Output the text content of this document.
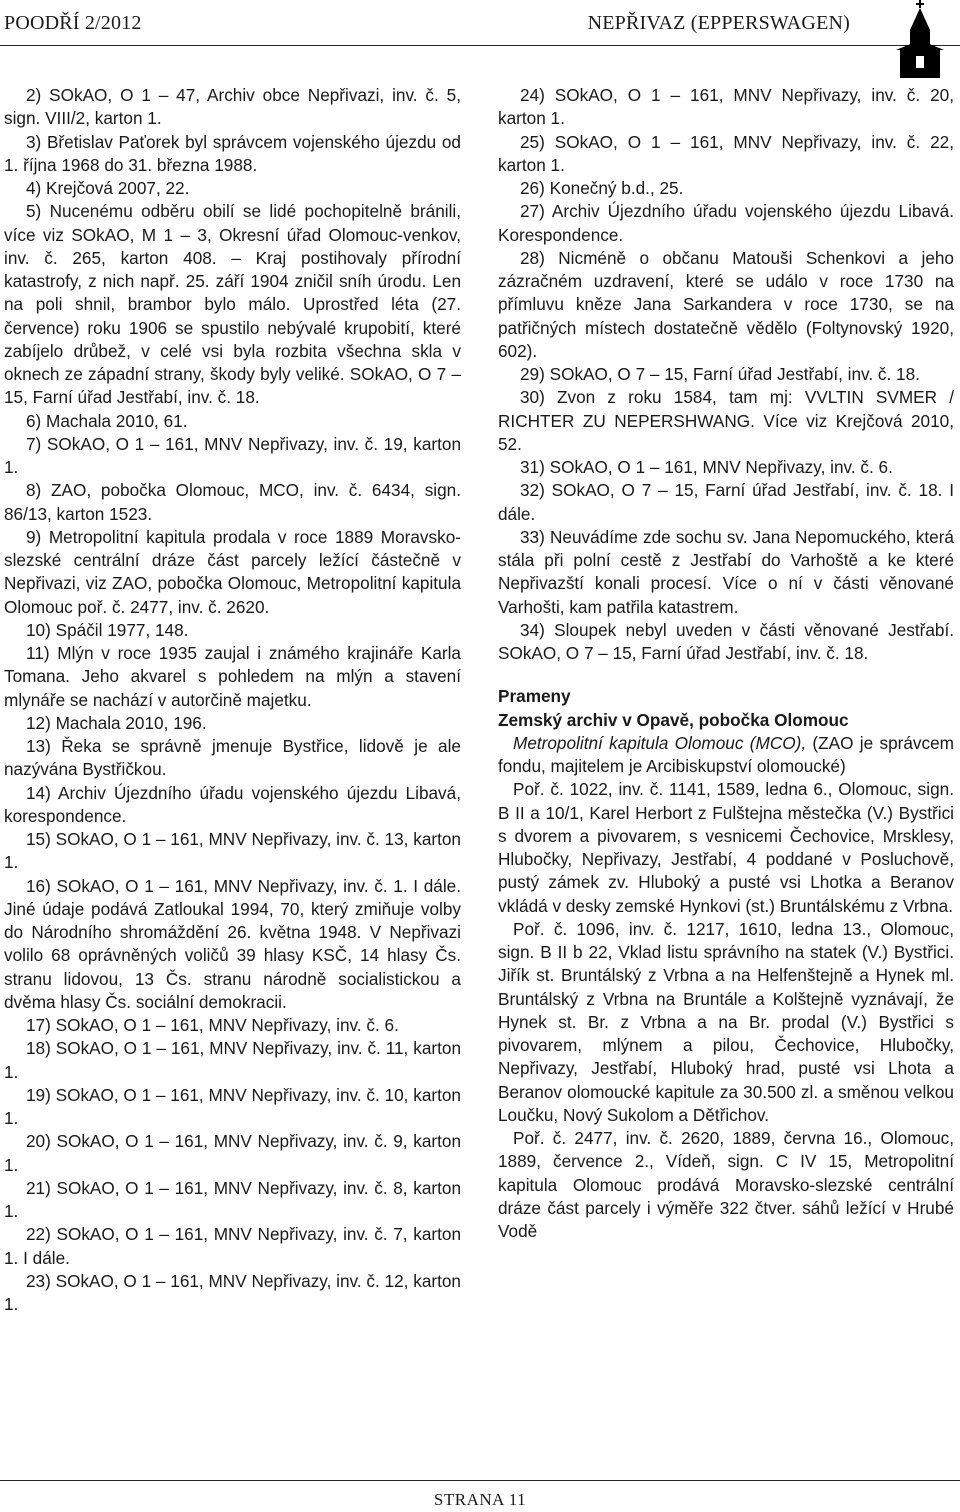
POODŘÍ 2/2012	NEPŘIVAZ (EPPERSWAGEN)

2) SOkAO, O 1 – 47, Archiv obce Nepřivazi, inv. č. 5, sign. VIII/2, karton 1.

3) Břetislav Paťorek byl správcem vojenského újezdu od 1. října 1968 do 31. března 1988.

4) Krejčová 2007, 22.

5) Nucenému odběru obilí se lidé pochopitelně bránili, více viz SOkAO, M 1 – 3, Okresní úřad Olomouc-venkov, inv. č. 265, karton 408. – Kraj postihovaly přírodní katastrofy, z nich např. 25. září 1904 zničil sníh úrodu. Len na poli shnil, brambor bylo málo. Uprostřed léta (27. července) roku 1906 se spustilo nebývalé krupobití, které zabíjelo drůbež, v celé vsi byla rozbita všechna skla v oknech ze západní strany, škody byly veliké. SOkAO, O 7 – 15, Farní úřad Jestřabí, inv. č. 18.

6) Machala 2010, 61.

7) SOkAO, O 1 – 161, MNV Nepřivazy, inv. č. 19, karton 1.

8) ZAO, pobočka Olomouc, MCO, inv. č. 6434, sign. 86/13, karton 1523.

9) Metropolitní kapitula prodala v roce 1889 Moravsko-slezské centrální dráze část parcely ležící částečně v Nepřivazi, viz ZAO, pobočka Olomouc, Metropolitní kapitula Olomouc poř. č. 2477, inv. č. 2620.

10) Spáčil 1977, 148.

11) Mlýn v roce 1935 zaujal i známého krajináře Karla Tomana. Jeho akvarel s pohledem na mlýn a stavení mlynáře se nachází v autorčině majetku.

12) Machala 2010, 196.

13) Řeka se správně jmenuje Bystřice, lidově je ale nazývána Bystřičkou.

14) Archiv Újezdního úřadu vojenského újezdu Libavá, korespondence.

15) SOkAO, O 1 – 161, MNV Nepřivazy, inv. č. 13, karton 1.

16) SOkAO, O 1 – 161, MNV Nepřivazy, inv. č. 1. I dále. Jiné údaje podává Zatloukal 1994, 70, který zmiňuje volby do Národního shromáždění 26. května 1948. V Nepřivazi volilo 68 oprávněných voličů 39 hlasy KSČ, 14 hlasy Čs. stranu lidovou, 13 Čs. stranu národně socialistickou a dvěma hlasy Čs. sociální demokracii.

17) SOkAO, O 1 – 161, MNV Nepřivazy, inv. č. 6.

18) SOkAO, O 1 – 161, MNV Nepřivazy, inv. č. 11, karton 1.

19) SOkAO, O 1 – 161, MNV Nepřivazy, inv. č. 10, karton 1.

20) SOkAO, O 1 – 161, MNV Nepřivazy, inv. č. 9, karton 1.

21) SOkAO, O 1 – 161, MNV Nepřivazy, inv. č. 8, karton 1.

22) SOkAO, O 1 – 161, MNV Nepřivazy, inv. č. 7, karton 1. I dále.

23) SOkAO, O 1 – 161, MNV Nepřivazy, inv. č. 12, karton 1.

24) SOkAO, O 1 – 161, MNV Nepřivazy, inv. č. 20, karton 1.

25) SOkAO, O 1 – 161, MNV Nepřivazy, inv. č. 22, karton 1.

26) Konečný b.d., 25.

27) Archiv Újezdního úřadu vojenského újezdu Libavá. Korespondence.

28) Nicméně o občanu Matouši Schenkovi a jeho zázračném uzdravení, které se událo v roce 1730 na přímluvu kněze Jana Sarkandera v roce 1730, se na patřičných místech dostatečně vědělo (Foltynovský 1920, 602).

29) SOkAO, O 7 – 15, Farní úřad Jestřabí, inv. č. 18.

30) Zvon z roku 1584, tam mj: VVLTIN SVMER / RICHTER ZU NEPERSHWANG. Více viz Krejčová 2010, 52.

31) SOkAO, O 1 – 161, MNV Nepřivazy, inv. č. 6.

32) SOkAO, O 7 – 15, Farní úřad Jestřabí, inv. č. 18. I dále.

33) Neuvádíme zde sochu sv. Jana Nepomuckého, která stála při polní cestě z Jestřabí do Varhoště a ke které Nepřivazští konali procesí. Více o ní v části věnované Varhošti, kam patřila katastrem.

34) Sloupek nebyl uveden v části věnované Jestřabí. SOkAO, O 7 – 15, Farní úřad Jestřabí, inv. č. 18.

Prameny
Zemský archiv v Opavě, pobočka Olomouc

Metropolitní kapitula Olomouc (MCO), (ZAO je správcem fondu, majitelem je Arcibiskupství olomoucké)

Poř. č. 1022, inv. č. 1141, 1589, ledna 6., Olomouc, sign. B II a 10/1, Karel Herbort z Fulštejna městečka (V.) Bystřici s dvorem a pivovarem, s vesnicemi Čechovice, Mrsklesy, Hlubočky, Nepřivazy, Jestřabí, 4 poddané v Posluchově, pustý zámek zv. Hluboký a pusté vsi Lhotka a Beranov vkládá v desky zemské Hynkovi (st.) Bruntálskému z Vrbna.

Poř. č. 1096, inv. č. 1217, 1610, ledna 13., Olomouc, sign. B II b 22, Vklad listu správního na statek (V.) Bystřici. Jiřík st. Bruntálský z Vrbna a na Helfenštejně a Hynek ml. Bruntálský z Vrbna na Bruntále a Kolštejně vyznávají, že Hynek st. Br. z Vrbna a na Br. prodal (V.) Bystřici s pivovarem, mlýnem a pilou, Čechovice, Hlubočky, Nepřivazy, Jestřabí, Hluboký hrad, pusté vsi Lhota a Beranov olomoucké kapitule za 30.500 zl. a směnou velkou Loučku, Nový Sukolom a Dětřichov.

Poř. č. 2477, inv. č. 2620, 1889, června 16., Olomouc, 1889, července 2., Vídeň, sign. C IV 15, Metropolitní kapitula Olomouc prodává Moravsko-slezské centrální dráze část parcely i výměře 322 čtver. sáhů ležící v Hrubé Vodě

STRANA 11
